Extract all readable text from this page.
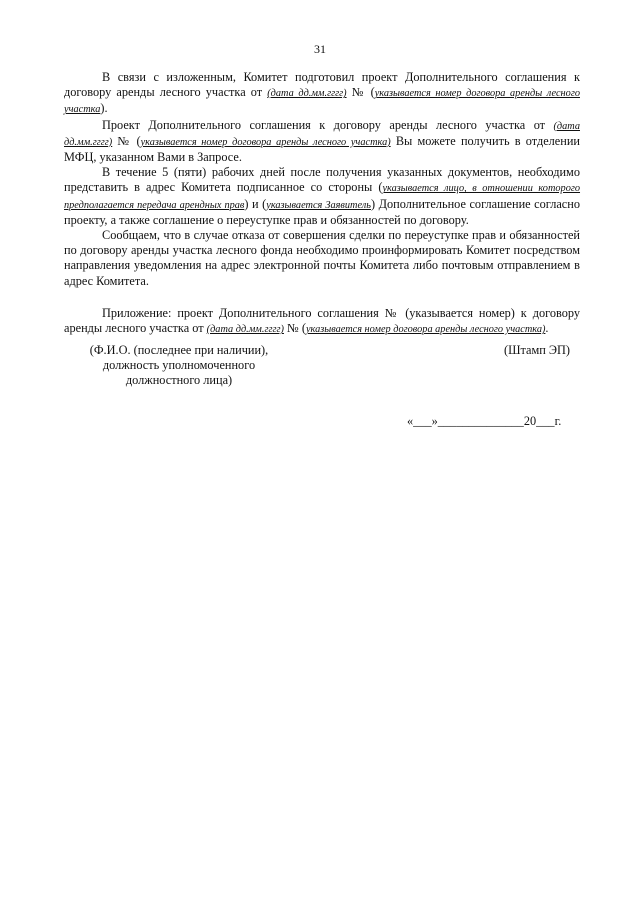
31

В связи с изложенным, Комитет подготовил проект Дополнительного соглашения к договору аренды лесного участка от (дата дд.мм.гггг) № (указывается номер договора аренды лесного участка).

Проект Дополнительного соглашения к договору аренды лесного участка от (дата дд.мм.гггг) № (указывается номер договора аренды лесного участка) Вы можете получить в отделении МФЦ, указанном Вами в Запросе.

В течение 5 (пяти) рабочих дней после получения указанных документов, необходимо представить в адрес Комитета подписанное со стороны (указывается лицо, в отношении которого предполагается передача арендных прав) и (указывается Заявитель) Дополнительное соглашение согласно проекту, а также соглашение о переуступке прав и обязанностей по договору.

Сообщаем, что в случае отказа от совершения сделки по переуступке прав и обязанностей по договору аренды участка лесного фонда необходимо проинформировать Комитет посредством направления уведомления на адрес электронной почты Комитета либо почтовым отправлением в адрес Комитета.

Приложение: проект Дополнительного соглашения № (указывается номер) к договору аренды лесного участка от (дата дд.мм.гггг) № (указывается номер договора аренды лесного участка).

(Ф.И.О. (последнее при наличии),
должность уполномоченного
должностного лица)
(Штамп ЭП)
«___»______________20___г.
